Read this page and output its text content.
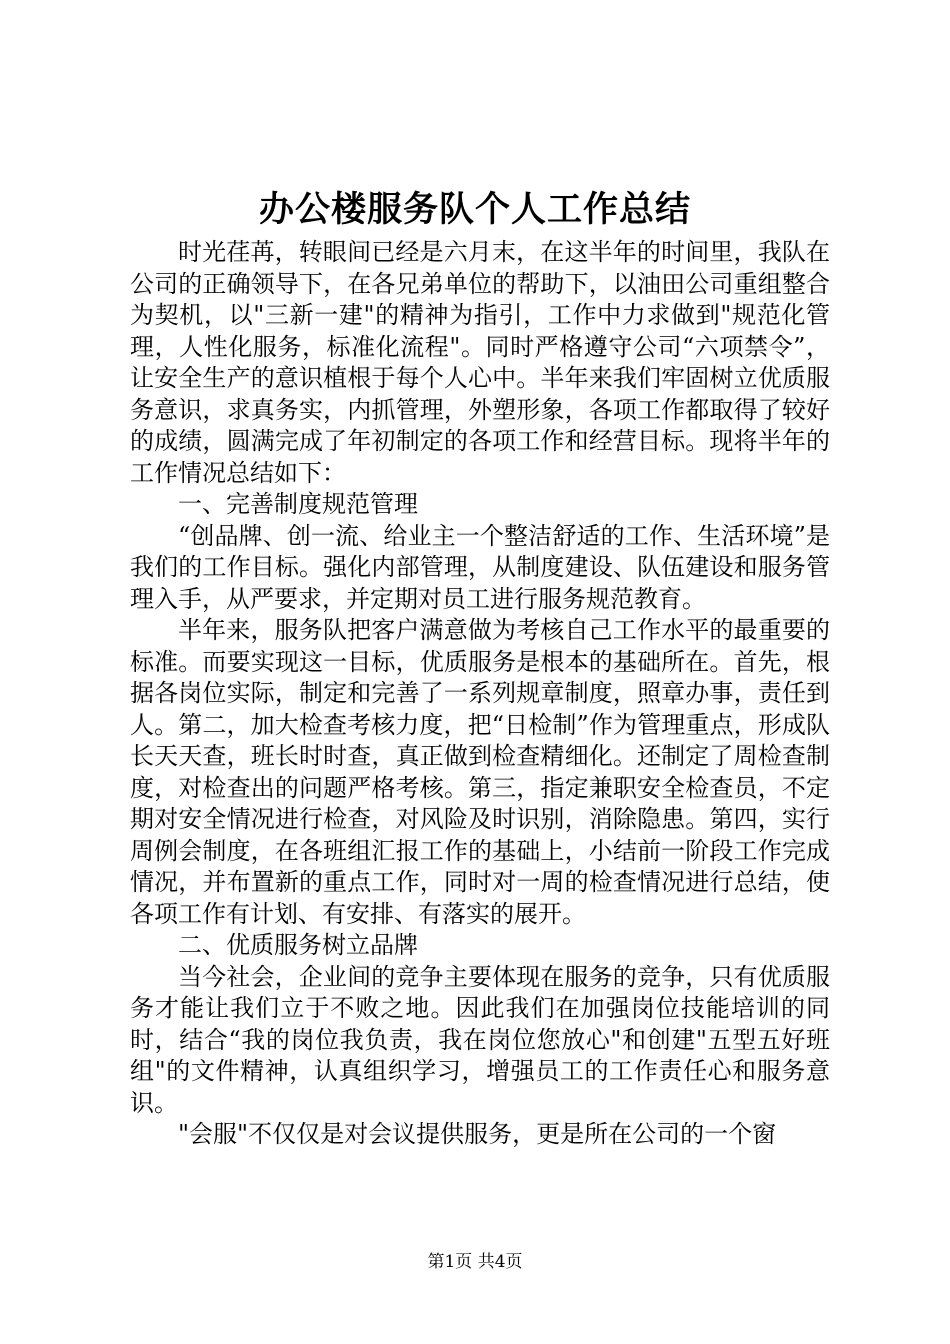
办公楼服务队个人工作总结

时光荏苒，转眼间已经是六月末，在这半年的时间里，我队在公司的正确领导下，在各兄弟单位的帮助下，以油田公司重组整合为契机，以"三新一建"的精神为指引，工作中力求做到"规范化管理，人性化服务，标准化流程"。同时严格遵守公司“六项禁令”，让安全生产的意识植根于每个人心中。半年来我们牢固树立优质服务意识，求真务实，内抓管理，外塑形象，各项工作都取得了较好的成绩，圆满完成了年初制定的各项工作和经营目标。现将半年的工作情况总结如下：

一、完善制度规范管理

“创品牌、创一流、给业主一个整洁舒适的工作、生活环境”是我们的工作目标。强化内部管理，从制度建设、队伍建设和服务管理入手，从严要求，并定期对员工进行服务规范教育。

半年来，服务队把客户满意做为考核自己工作水平的最重要的标准。而要实现这一目标，优质服务是根本的基础所在。首先，根据各岗位实际，制定和完善了一系列规章制度，照章办事，责任到人。第二，加大检查考核力度，把“日检制”作为管理重点，形成队长天天查，班长时时查，真正做到检查精细化。还制定了周检查制度，对检查出的问题严格考核。第三，指定兼职安全检查员，不定期对安全情况进行检查，对风险及时识别，消除隐患。第四，实行周例会制度，在各班组汇报工作的基础上，小结前一阶段工作完成情况，并布置新的重点工作，同时对一周的检查情况进行总结，使各项工作有计划、有安排、有落实的展开。

二、优质服务树立品牌

当今社会，企业间的竞争主要体现在服务的竞争，只有优质服务才能让我们立于不败之地。因此我们在加强岗位技能培训的同时，结合“我的岗位我负责，我在岗位您放心"和创建"五型五好班组"的文件精神，认真组织学习，增强员工的工作责任心和服务意识。

"会服"不仅仅是对会议提供服务，更是所在公司的一个窗

第1页 共4页
